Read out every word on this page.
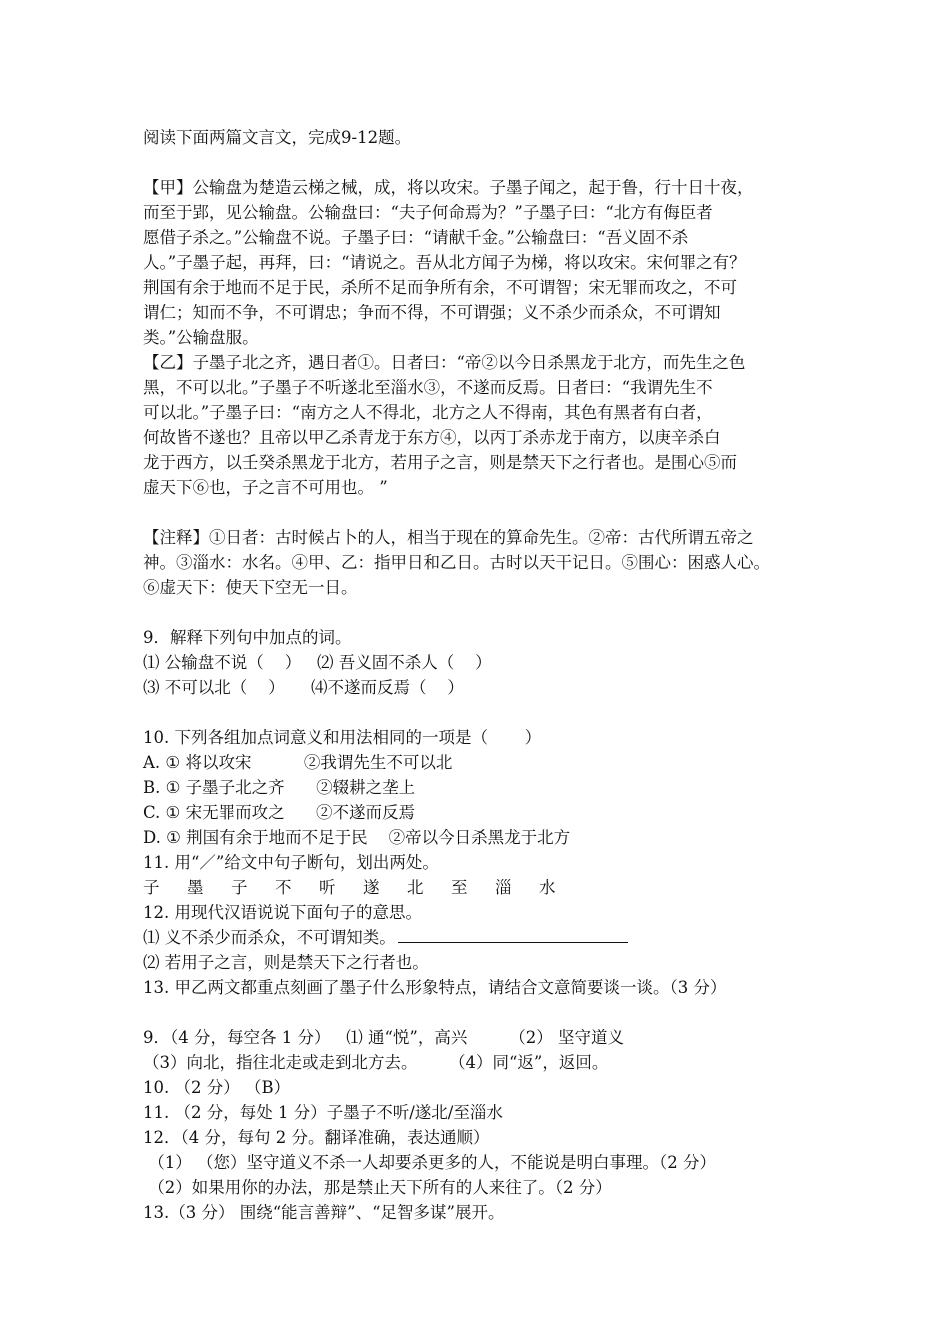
阅读下面两篇文言文，完成9-12题。
【甲】公输盘为楚造云梯之械，成，将以攻宋。子墨子闻之，起于鲁，行十日十夜，
而至于郢，见公输盘。公输盘曰：“夫子何命焉为？”子墨子曰：“北方有侮臣者
愿借子杀之。”公输盘不说。子墨子曰：“请献千金。”公输盘曰：“吾义固不杀
人。”子墨子起，再拜，曰：“请说之。吾从北方闻子为梯，将以攻宋。宋何罪之有？
荆国有余于地而不足于民，杀所不足而争所有余，不可谓智；宋无罪而攻之，不可
谓仁；知而不争，不可谓忠；争而不得，不可谓强；义不杀少而杀众，不可谓知
类。”公输盘服。
【乙】子墨子北之齐，遇日者①。日者曰：“帝②以今日杀黑龙于北方，而先生之色
黑，不可以北。”子墨子不听遂北至淄水③，不遂而反焉。日者曰：“我谓先生不
可以北。”子墨子曰：“南方之人不得北，北方之人不得南，其色有黑者有白者，
何故皆不遂也？且帝以甲乙杀青龙于东方④，以丙丁杀赤龙于南方，以庚辛杀白
龙于西方，以壬癸杀黑龙于北方，若用子之言，则是禁天下之行者也。是围心⑤而
虚天下⑥也，子之言不可用也。 ”
【注释】①日者：古时候占卜的人，相当于现在的算命先生。②帝：古代所谓五帝之
神。③淄水：水名。④甲、乙：指甲日和乙日。古时以天干记日。⑤围心：困惑人心。
⑥虚天下：使天下空无一日。
9．解释下列句中加点的词。
⑴ 公输盘不说（    ）   ⑵ 吾义固不杀人（    ）
⑶ 不可以北（    ）     ⑷不遂而反焉（    ）
10. 下列各组加点词意义和用法相同的一项是（       ）
A. ① 将以攻宋          ②我谓先生不可以北
B. ① 子墨子北之齐      ②辍耕之垄上
C. ① 宋无罪而攻之      ②不遂而反焉
D. ① 荆国有余于地而不足于民    ②帝以今日杀黑龙于北方
11. 用“／”给文中句子断句，划出两处。
子 墨 子 不 听 遂 北 至 淄 水
12. 用现代汉语说说下面句子的意思。
⑴ 义不杀少而杀众，不可谓知类。
⑵ 若用子之言，则是禁天下之行者也。
13. 甲乙两文都重点刻画了墨子什么形象特点，请结合文意简要谈一谈。（3 分）
9．（4 分，每空各 1 分）   ⑴ 通“悦”，高兴        （2） 坚守道义
（3）向北，指往北走或走到北方去。      （4）同“返”，返回。
10. （2 分） （B）
11. （2 分，每处 1 分）子墨子不听/遂北/至淄水
12．（4 分，每句 2 分。翻译准确，表达通顺）
（1） （您）坚守道义不杀一人却要杀更多的人，不能说是明白事理。（2 分）
（2）如果用你的办法，那是禁止天下所有的人来往了。（2 分）
13.（3 分） 围绕“能言善辩”、“足智多谋”展开。
